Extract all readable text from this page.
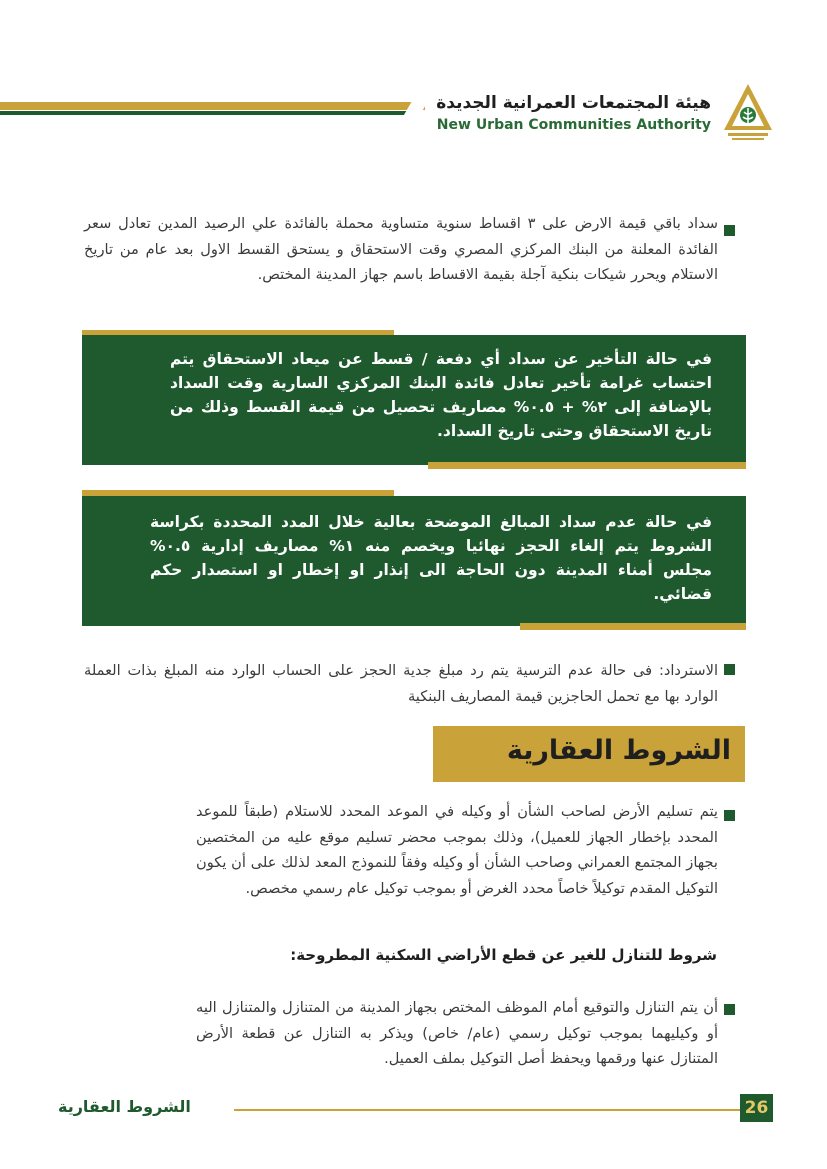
هيئة المجتمعات العمرانية الجديدة
New Urban Communities Authority
سداد باقي قيمة الارض على ٣ اقساط سنوية متساوية محملة بالفائدة علي الرصيد المدين تعادل سعر الفائدة المعلنة من البنك المركزي المصري وقت الاستحقاق و يستحق القسط الاول بعد عام من تاريخ الاستلام ويحرر شيكات بنكية آجلة بقيمة الاقساط باسم جهاز المدينة المختص.
في حالة التأخير عن سداد أي دفعة / قسط عن ميعاد الاستحقاق يتم احتساب غرامة تأخير تعادل فائدة البنك المركزي السارية وقت السداد بالإضافة إلى ٢% + ٠.٥% مصاريف تحصيل من قيمة القسط وذلك من تاريخ الاستحقاق وحتى تاريخ السداد.
في حالة عدم سداد المبالغ الموضحة بعالية خلال المدد المحددة بكراسة الشروط يتم إلغاء الحجز نهائيا ويخصم منه ١% مصاريف إدارية ٠.٥% مجلس أمناء المدينة دون الحاجة الى إنذار او إخطار او استصدار حكم قضائي.
الاسترداد: فى حالة عدم الترسية يتم رد مبلغ جدية الحجز على الحساب الوارد منه المبلغ بذات العملة الوارد بها مع تحمل الحاجزين قيمة المصاريف البنكية
الشروط العقارية
يتم تسليم الأرض لصاحب الشأن أو وكيله في الموعد المحدد للاستلام (طبقاً للموعد المحدد بإخطار الجهاز للعميل)، وذلك بموجب محضر تسليم موقع عليه من المختصين بجهاز المجتمع العمراني وصاحب الشأن أو وكيله وفقاً للنموذج المعد لذلك على أن يكون التوكيل المقدم توكيلاً خاصاً محدد الغرض أو بموجب توكيل عام رسمي مخصص.
شروط للتنازل للغير عن قطع الأراضي السكنية المطروحة:
أن يتم التنازل والتوقيع أمام الموظف المختص بجهاز المدينة من المتنازل والمتنازل اليه أو وكيليهما بموجب توكيل رسمي (عام/ خاص) ويذكر به التنازل عن قطعة الأرض المتنازل عنها ورقمها ويحفظ أصل التوكيل بملف العميل.
الشروط العقارية	26
